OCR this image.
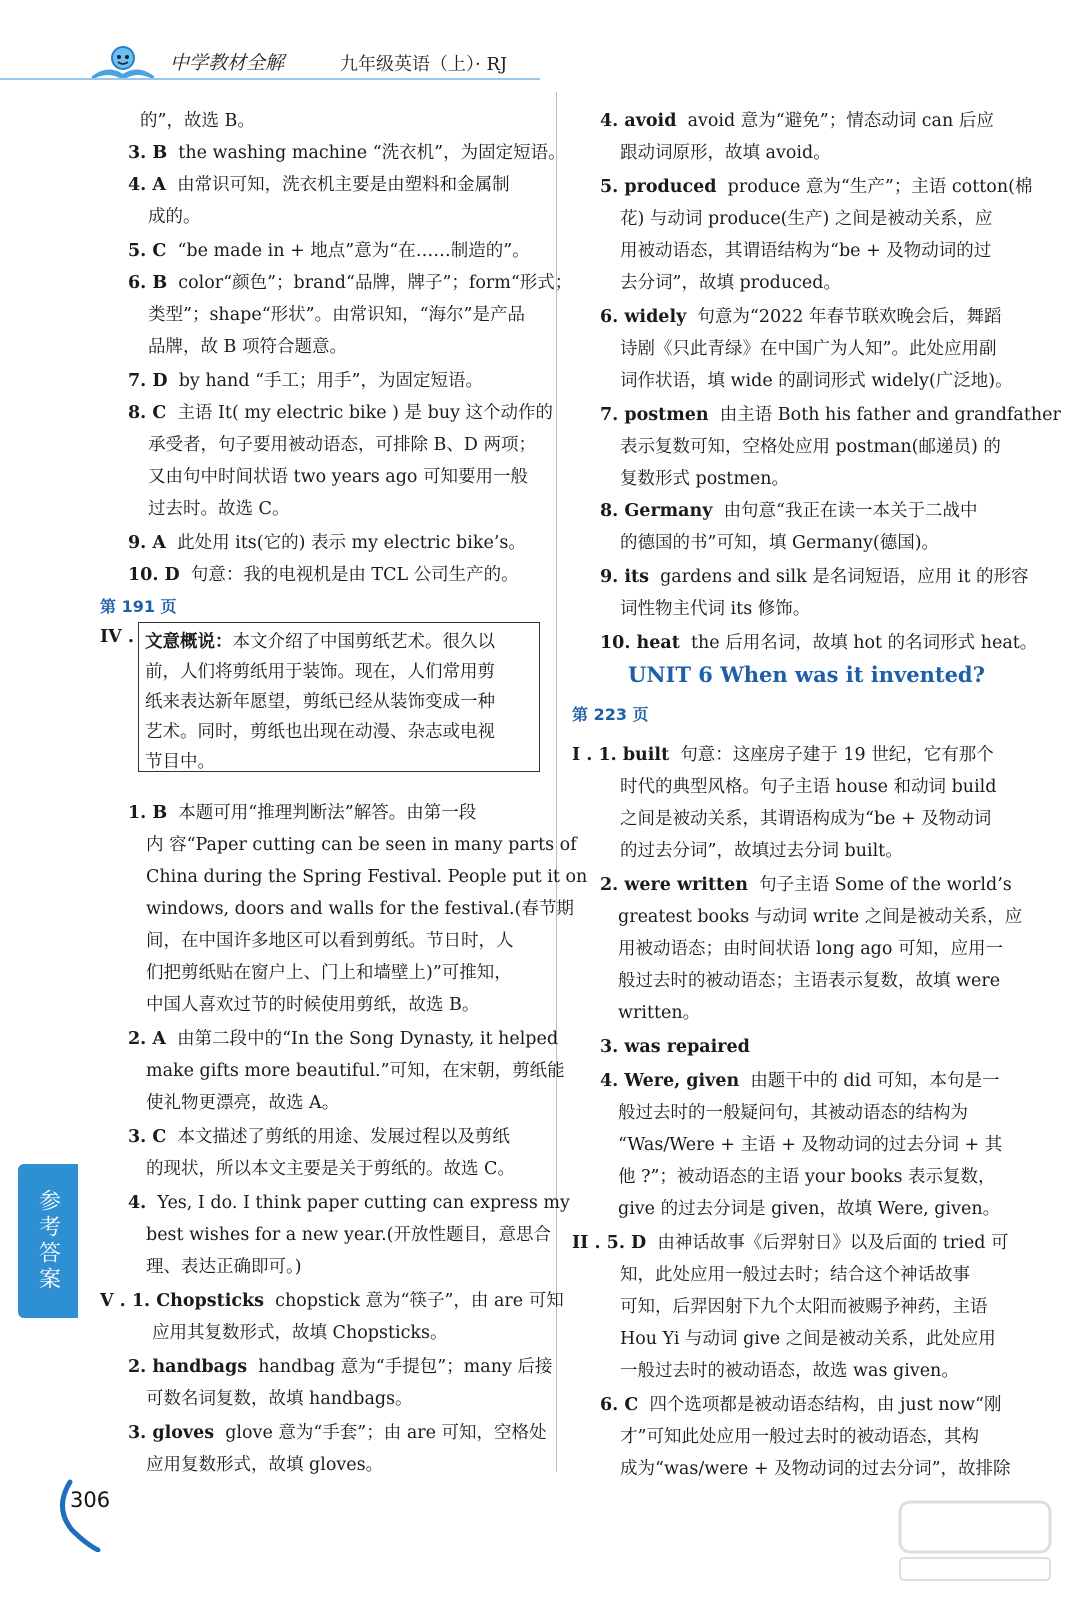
中学教材全解	九年级英语（上）· RJ
第 191 页
IV . 文意概说：本文介绍了中国剪纸艺术。很久以
前，人们将剪纸用于装饰。现在，人们常用剪
纸来表达新年愿望，剪纸已经从装饰变成一种
艺术。同时，剪纸也出现在动漫、杂志或电视
节目中。
的”，故选 B。
3. B the washing machine “洗衣机”，为固定短语。
4. A 由常识可知，洗衣机主要是由塑料和金属制
成的。
5. C “be made in + 地点”意为“在……制造的”。
6. B color“颜色”；brand“品牌，牌子”；form“形式；
类型”；shape“形状”。由常识知，“海尔”是产品
品牌，故 B 项符合题意。
7. D by hand “手工；用手”，为固定短语。
8. C 主语 It( my electric bike ) 是 buy 这个动作的
承受者，句子要用被动语态，可排除 B、D 两项；
又由句中时间状语 two years ago 可知要用一般
过去时。故选 C。
9. A 此处用 its(它的) 表示 my electric bike’s。
10. D 句意：我的电视机是由 TCL 公司生产的。
1. B 本题可用“推理判断法”解答。由第一段
内 容“Paper cutting can be seen in many parts of
China during the Spring Festival. People put it on
windows, doors and walls for the festival.(春节期
间，在中国许多地区可以看到剪纸。节日时，人
们把剪纸贴在窗户上、门上和墙壁上)”可推知，
中国人喜欢过节的时候使用剪纸，故选 B。
2. A 由第二段中的“In the Song Dynasty, it helped
make gifts more beautiful.”可知，在宋朝，剪纸能
使礼物更漂亮，故选 A。
3. C 本文描述了剪纸的用途、发展过程以及剪纸
的现状，所以本文主要是关于剪纸的。故选 C。
4. Yes, I do. I think paper cutting can express my
best wishes for a new year.(开放性题目，意思合
理、表达正确即可。)
V . 1. Chopsticks chopstick 意为“筷子”，由 are 可知
应用其复数形式，故填 Chopsticks。
2. handbags handbag 意为“手提包”；many 后接
可数名词复数，故填 handbags。
3. gloves glove 意为“手套”；由 are 可知，空格处
应用复数形式，故填 gloves。
UNIT 6 When was it invented?
第 223 页
4. avoid avoid 意为“避免”；情态动词 can 后应
跟动词原形，故填 avoid。
5. produced produce 意为“生产”；主语 cotton(棉
花) 与动词 produce(生产) 之间是被动关系，应
用被动语态，其谓语结构为“be + 及物动词的过
去分词”，故填 produced。
6. widely 句意为“2022 年春节联欢晚会后，舞蹈
诗剧《只此青绿》在中国广为人知”。此处应用副
词作状语，填 wide 的副词形式 widely(广泛地)。
7. postmen 由主语 Both his father and grandfather
表示复数可知，空格处应用 postman(邮递员) 的
复数形式 postmen。
8. Germany 由句意“我正在读一本关于二战中
的德国的书”可知，填 Germany(德国)。
9. its gardens and silk 是名词短语，应用 it 的形容
词性物主代词 its 修饰。
10. heat the 后用名词，故填 hot 的名词形式 heat。
I . 1. built 句意：这座房子建于 19 世纪，它有那个
时代的典型风格。句子主语 house 和动词 build
之间是被动关系，其谓语构成为“be + 及物动词
的过去分词”，故填过去分词 built。
2. were written 句子主语 Some of the world’s
greatest books 与动词 write 之间是被动关系，应
用被动语态；由时间状语 long ago 可知，应用一
般过去时的被动语态；主语表示复数，故填 were
written。
3. was repaired
4. Were, given 由题干中的 did 可知，本句是一
般过去时的一般疑问句，其被动语态的结构为
“Was/Were + 主语 + 及物动词的过去分词 + 其
他 ?”；被动语态的主语 your books 表示复数，
give 的过去分词是 given，故填 Were, given。
II . 5. D 由神话故事《后羿射日》以及后面的 tried 可
知，此处应用一般过去时；结合这个神话故事
可知，后羿因射下九个太阳而被赐予神药，主语
Hou Yi 与动词 give 之间是被动关系，此处应用
一般过去时的被动语态，故选 was given。
6. C 四个选项都是被动语态结构，由 just now“刚
才”可知此处应用一般过去时的被动语态，其构
成为“was/were + 及物动词的过去分词”，故排除
参考答案
306
